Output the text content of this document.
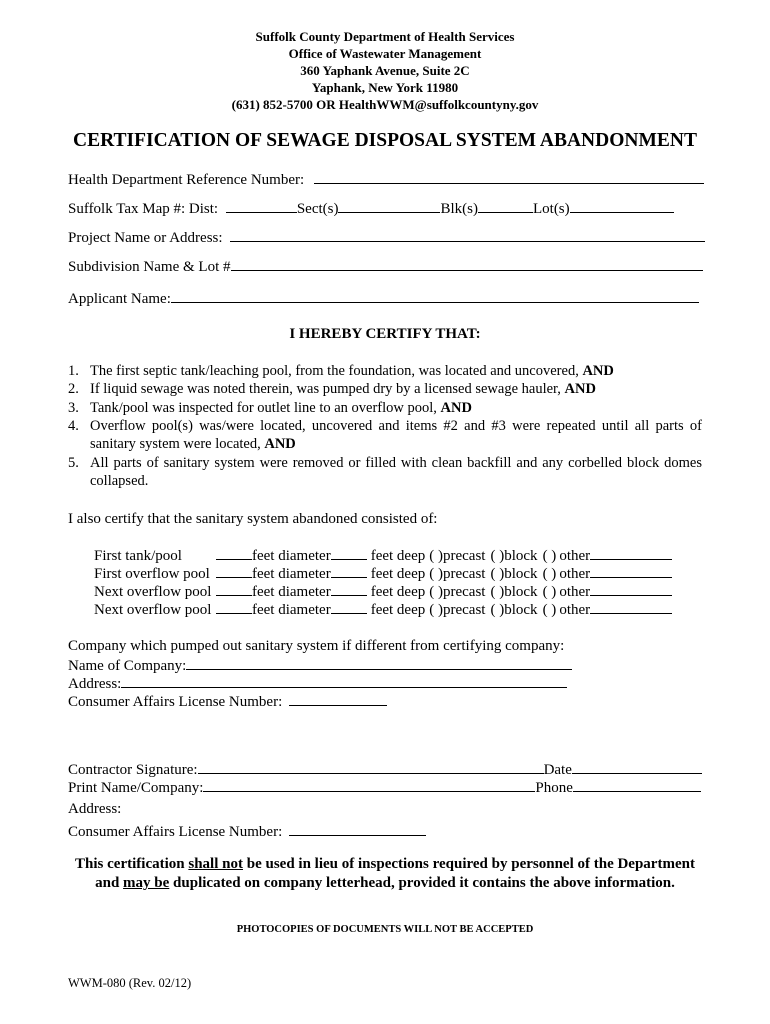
Suffolk County Department of Health Services
Office of Wastewater Management
360 Yaphank Avenue, Suite 2C
Yaphank, New York 11980
(631) 852-5700 OR HealthWWM@suffolkcountyny.gov
CERTIFICATION OF SEWAGE DISPOSAL SYSTEM ABANDONMENT
Health Department Reference Number:
Suffolk Tax Map #: Dist:	Sect(s)	Blk(s)	Lot(s)
Project Name or Address:
Subdivision Name & Lot #
Applicant Name:
I HEREBY CERTIFY THAT:
1. The first septic tank/leaching pool, from the foundation, was located and uncovered, AND
2. If liquid sewage was noted therein, was pumped dry by a licensed sewage hauler, AND
3. Tank/pool was inspected for outlet line to an overflow pool, AND
4. Overflow pool(s) was/were located, uncovered and items #2 and #3 were repeated until all parts of sanitary system were located, AND
5. All parts of sanitary system were removed or filled with clean backfill and any corbelled block domes collapsed.
I also certify that the sanitary system abandoned consisted of:
First tank/pool	feet diameter	feet deep ( )precast ( )block ( ) other
First overflow pool	feet diameter	feet deep ( )precast ( )block ( ) other
Next overflow pool	feet diameter	feet deep ( )precast ( )block ( ) other
Next overflow pool	feet diameter	feet deep ( )precast ( )block ( ) other
Company which pumped out sanitary system if different from certifying company:
Name of Company:
Address:
Consumer Affairs License Number:
Contractor Signature:	Date
Print Name/Company:	Phone
Address:
Consumer Affairs License Number:
This certification shall not be used in lieu of inspections required by personnel of the Department
and may be duplicated on company letterhead, provided it contains the above information.
PHOTOCOPIES OF DOCUMENTS WILL NOT BE ACCEPTED
WWM-080 (Rev. 02/12)
